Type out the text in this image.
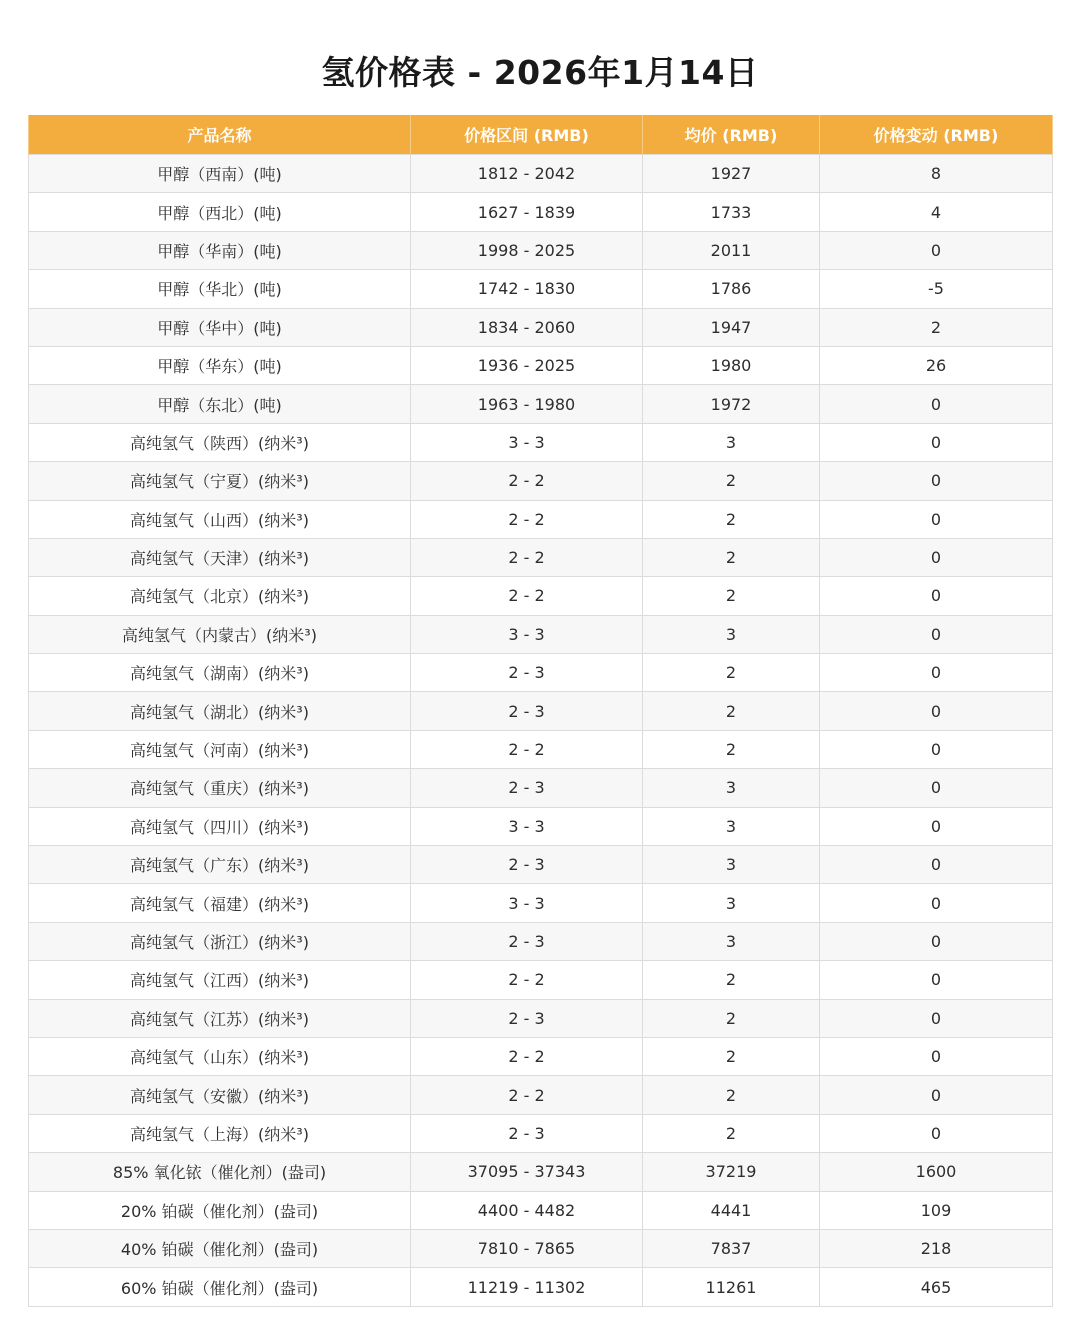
氢价格表 - 2026年1月14日
产品名称	价格区间 (RMB)	均价 (RMB)	价格变动 (RMB)
甲醇（西南）(吨)	1812 - 2042	1927	8
甲醇（西北）(吨)	1627 - 1839	1733	4
甲醇（华南）(吨)	1998 - 2025	2011	0
甲醇（华北）(吨)	1742 - 1830	1786	-5
甲醇（华中）(吨)	1834 - 2060	1947	2
甲醇（华东）(吨)	1936 - 2025	1980	26
甲醇（东北）(吨)	1963 - 1980	1972	0
高纯氢气（陕西）(纳米³)	3 - 3	3	0
高纯氢气（宁夏）(纳米³)	2 - 2	2	0
高纯氢气（山西）(纳米³)	2 - 2	2	0
高纯氢气（天津）(纳米³)	2 - 2	2	0
高纯氢气（北京）(纳米³)	2 - 2	2	0
高纯氢气（内蒙古）(纳米³)	3 - 3	3	0
高纯氢气（湖南）(纳米³)	2 - 3	2	0
高纯氢气（湖北）(纳米³)	2 - 3	2	0
高纯氢气（河南）(纳米³)	2 - 2	2	0
高纯氢气（重庆）(纳米³)	2 - 3	3	0
高纯氢气（四川）(纳米³)	3 - 3	3	0
高纯氢气（广东）(纳米³)	2 - 3	3	0
高纯氢气（福建）(纳米³)	3 - 3	3	0
高纯氢气（浙江）(纳米³)	2 - 3	3	0
高纯氢气（江西）(纳米³)	2 - 2	2	0
高纯氢气（江苏）(纳米³)	2 - 3	2	0
高纯氢气（山东）(纳米³)	2 - 2	2	0
高纯氢气（安徽）(纳米³)	2 - 2	2	0
高纯氢气（上海）(纳米³)	2 - 3	2	0
85% 氧化铱（催化剂）(盎司)	37095 - 37343	37219	1600
20% 铂碳（催化剂）(盎司)	4400 - 4482	4441	109
40% 铂碳（催化剂）(盎司)	7810 - 7865	7837	218
60% 铂碳（催化剂）(盎司)	11219 - 11302	11261	465
